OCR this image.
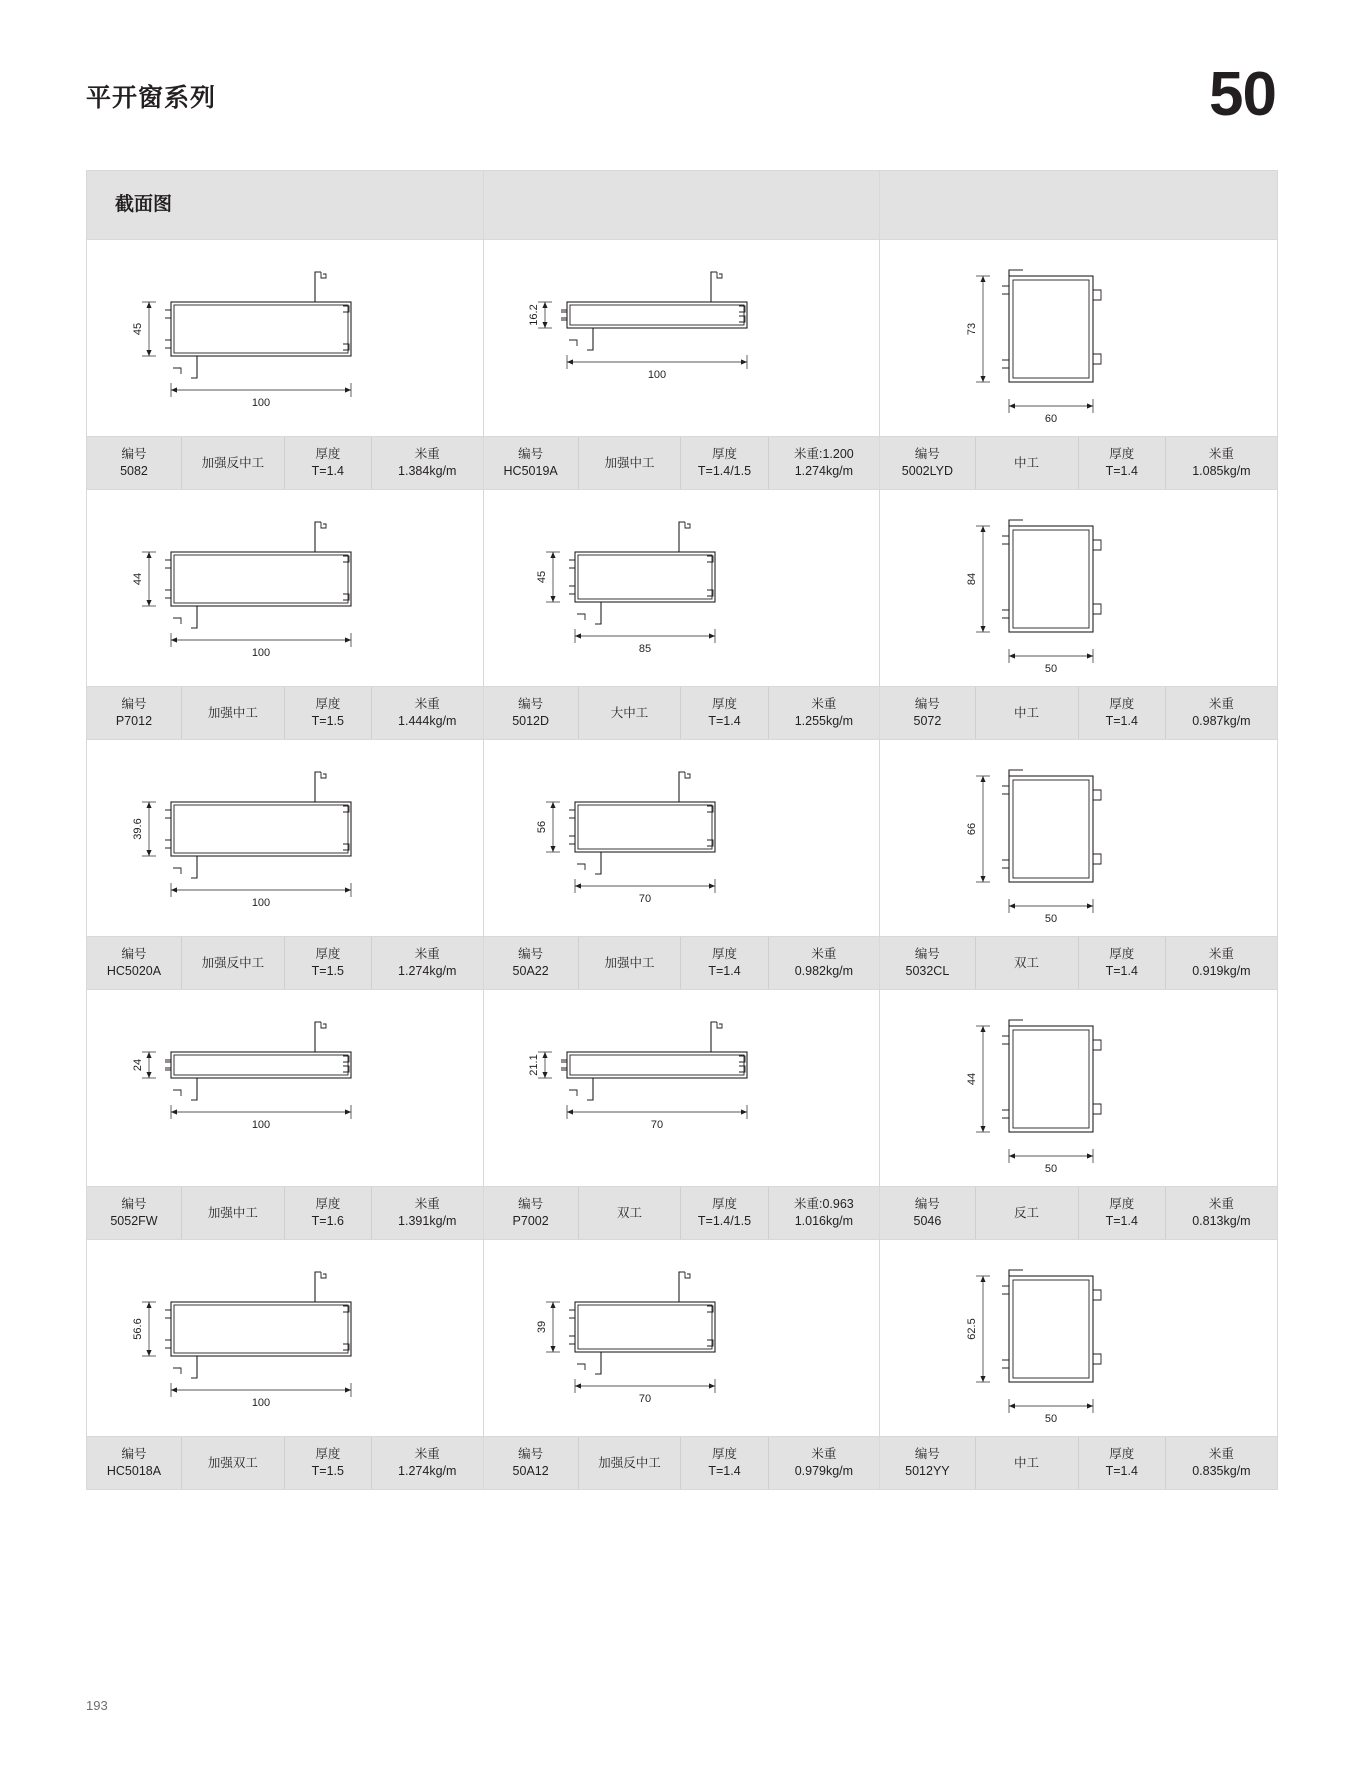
平开窗系列	50
截面图
45
100
编号
5082
加强反中工
厚度
T=1.4
米重
1.384kg/m
16.2
100
编号
HC5019A
加强中工
厚度
T=1.4/1.5
米重:1.200
1.274kg/m
73
60
编号
5002LYD
中工
厚度
T=1.4
米重
1.085kg/m
44
100
编号
P7012
加强中工
厚度
T=1.5
米重
1.444kg/m
45
85
编号
5012D
大中工
厚度
T=1.4
米重
1.255kg/m
84
50
编号
5072
中工
厚度
T=1.4
米重
0.987kg/m
39.6
100
编号
HC5020A
加强反中工
厚度
T=1.5
米重
1.274kg/m
56
70
编号
50A22
加强中工
厚度
T=1.4
米重
0.982kg/m
66
50
编号
5032CL
双工
厚度
T=1.4
米重
0.919kg/m
24
100
编号
5052FW
加强中工
厚度
T=1.6
米重
1.391kg/m
21.1
70
编号
P7002
双工
厚度
T=1.4/1.5
米重:0.963
1.016kg/m
44
50
编号
5046
反工
厚度
T=1.4
米重
0.813kg/m
56.6
100
编号
HC5018A
加强双工
厚度
T=1.5
米重
1.274kg/m
39
70
编号
50A12
加强反中工
厚度
T=1.4
米重
0.979kg/m
62.5
50
编号
5012YY
中工
厚度
T=1.4
米重
0.835kg/m
193
